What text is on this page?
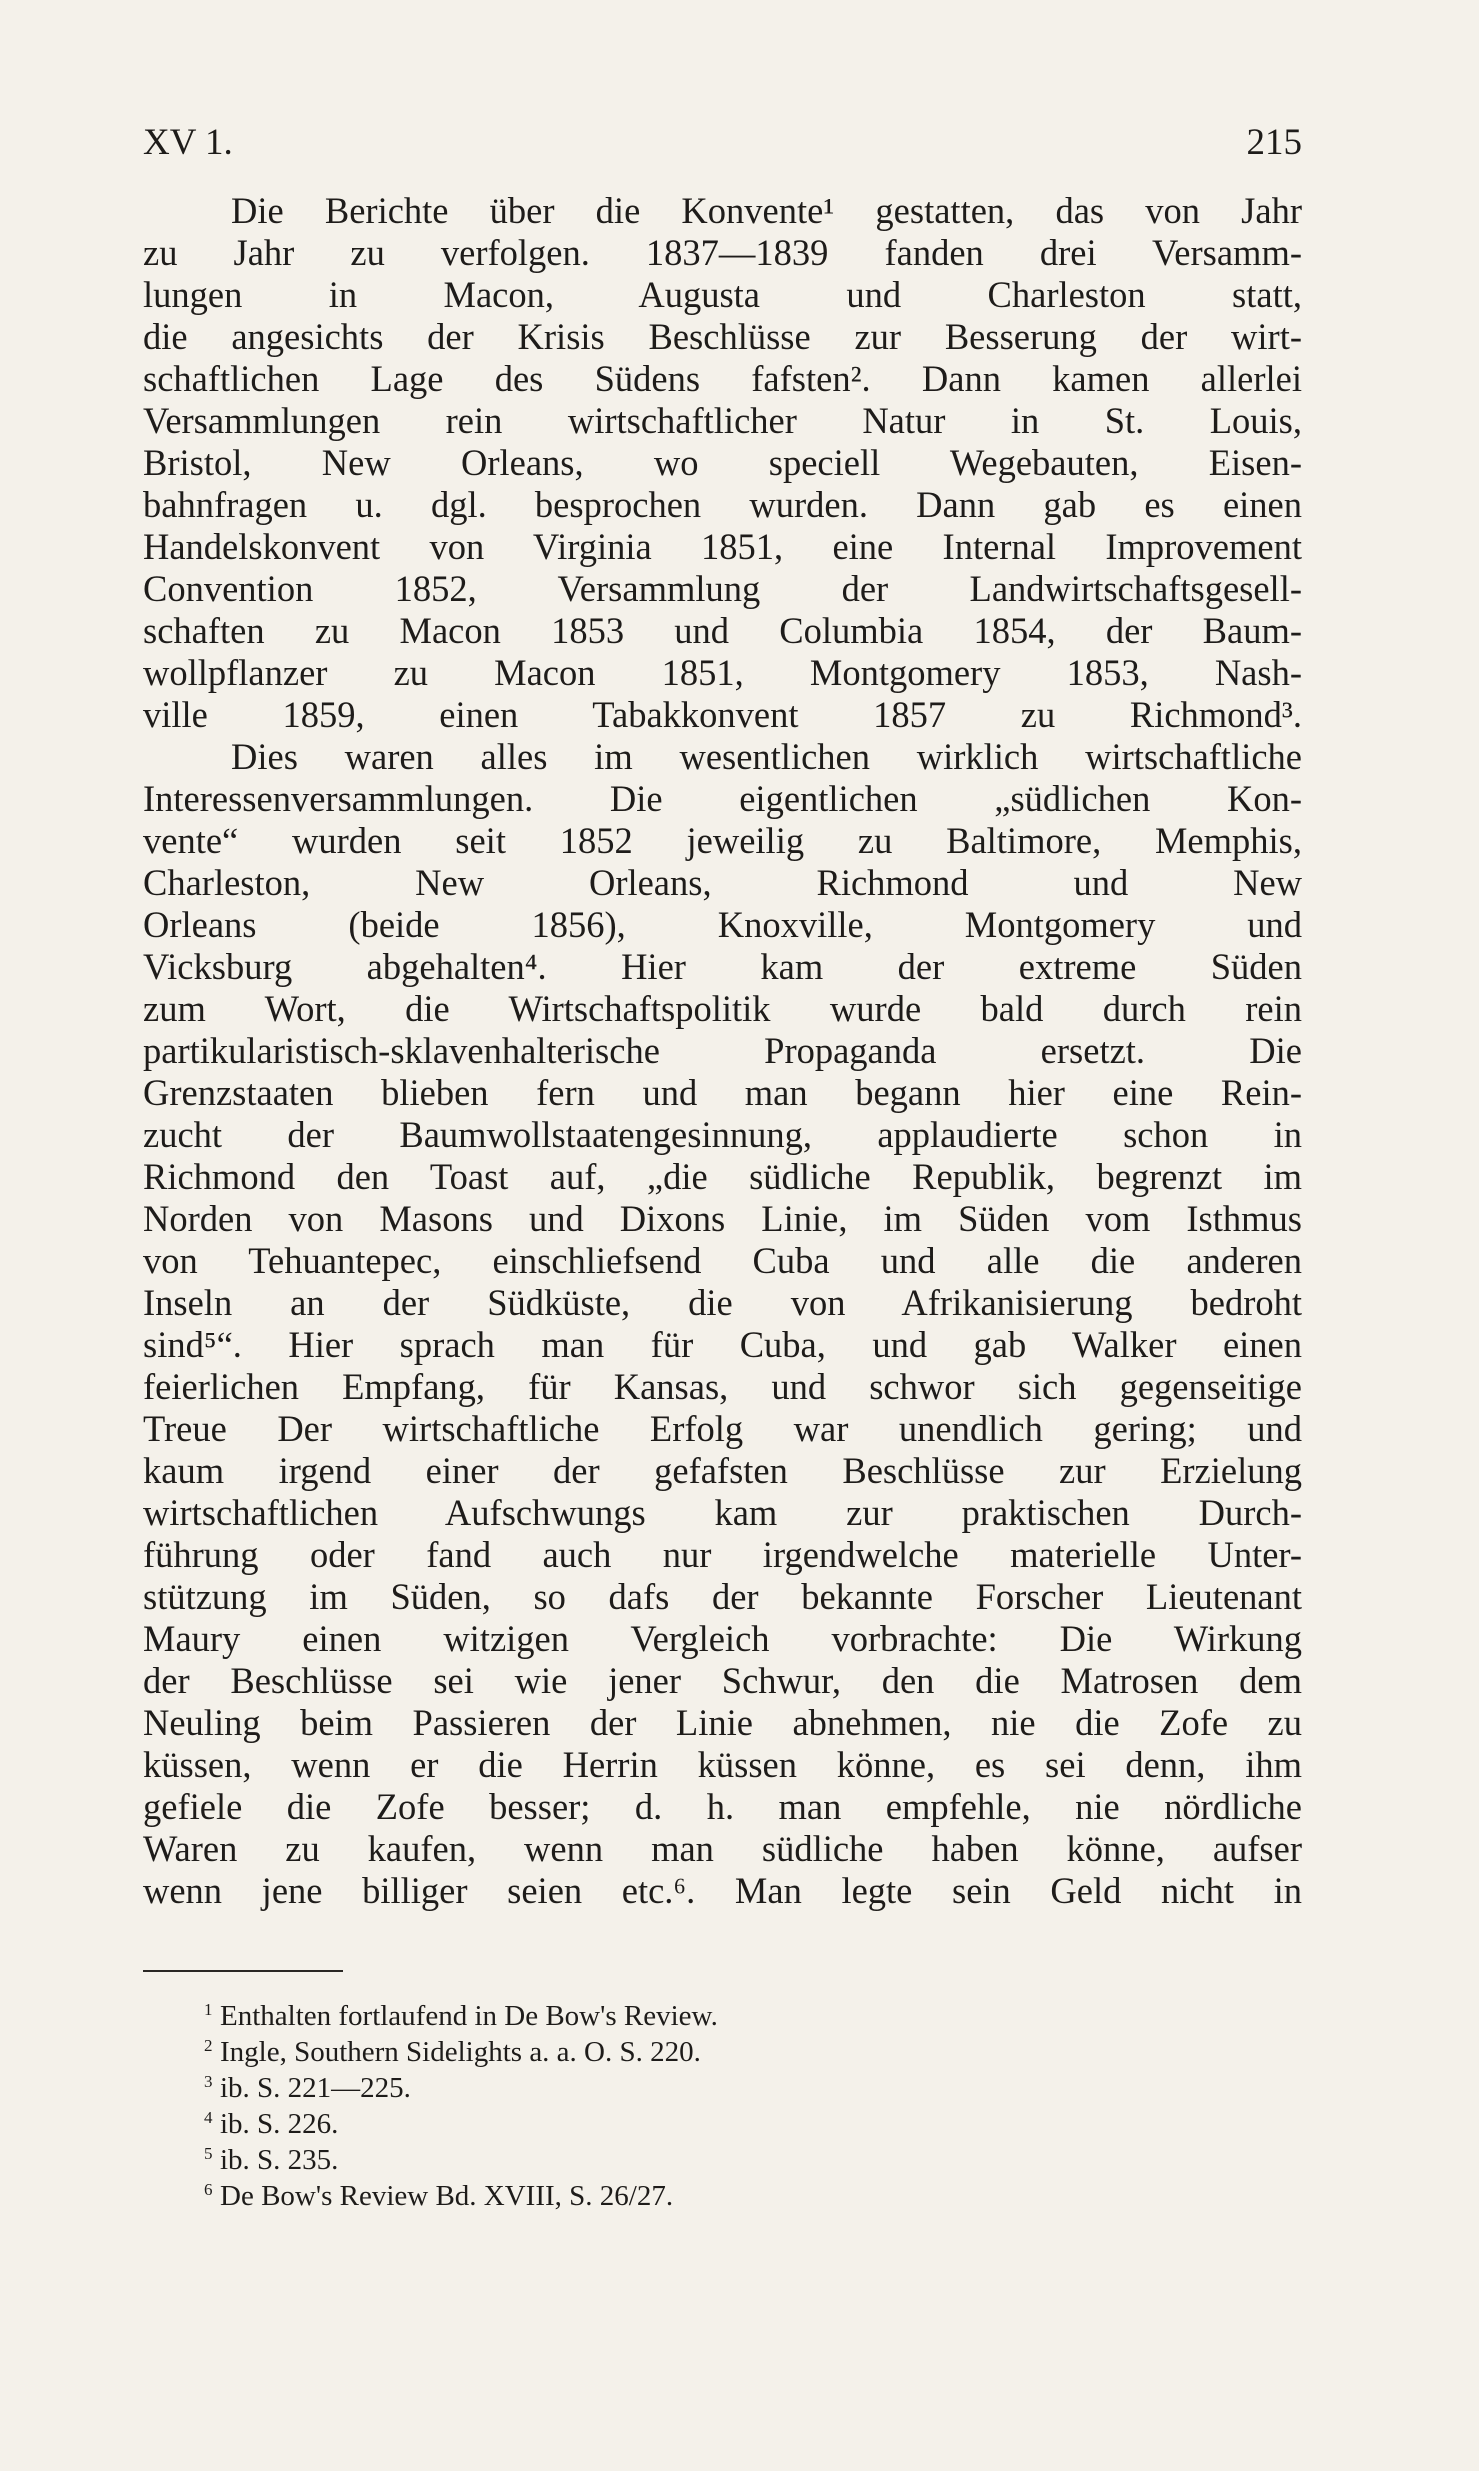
XV 1.	215
Die Berichte über die Konvente¹ gestatten, das von Jahr
zu Jahr zu verfolgen. 1837—1839 fanden drei Versamm-
lungen in Macon, Augusta und Charleston statt,
die angesichts der Krisis Beschlüsse zur Besserung der wirt-
schaftlichen Lage des Südens fafsten². Dann kamen allerlei
Versammlungen rein wirtschaftlicher Natur in St. Louis,
Bristol, New Orleans, wo speciell Wegebauten, Eisen-
bahnfragen u. dgl. besprochen wurden. Dann gab es einen
Handelskonvent von Virginia 1851, eine Internal Improvement
Convention 1852, Versammlung der Landwirtschaftsgesell-
schaften zu Macon 1853 und Columbia 1854, der Baum-
wollpflanzer zu Macon 1851, Montgomery 1853, Nash-
ville 1859, einen Tabakkonvent 1857 zu Richmond³.
Dies waren alles im wesentlichen wirklich wirtschaftliche
Interessenversammlungen. Die eigentlichen „südlichen Kon-
vente“ wurden seit 1852 jeweilig zu Baltimore, Memphis,
Charleston, New Orleans, Richmond und New
Orleans (beide 1856), Knoxville, Montgomery und
Vicksburg abgehalten⁴. Hier kam der extreme Süden
zum Wort, die Wirtschaftspolitik wurde bald durch rein
partikularistisch-sklavenhalterische Propaganda ersetzt. Die
Grenzstaaten blieben fern und man begann hier eine Rein-
zucht der Baumwollstaatengesinnung, applaudierte schon in
Richmond den Toast auf, „die südliche Republik, begrenzt im
Norden von Masons und Dixons Linie, im Süden vom Isthmus
von Tehuantepec, einschliefsend Cuba und alle die anderen
Inseln an der Südküste, die von Afrikanisierung bedroht
sind⁵“. Hier sprach man für Cuba, und gab Walker einen
feierlichen Empfang, für Kansas, und schwor sich gegenseitige
Treue Der wirtschaftliche Erfolg war unendlich gering; und
kaum irgend einer der gefafsten Beschlüsse zur Erzielung
wirtschaftlichen Aufschwungs kam zur praktischen Durch-
führung oder fand auch nur irgendwelche materielle Unter-
stützung im Süden, so dafs der bekannte Forscher Lieutenant
Maury einen witzigen Vergleich vorbrachte: Die Wirkung
der Beschlüsse sei wie jener Schwur, den die Matrosen dem
Neuling beim Passieren der Linie abnehmen, nie die Zofe zu
küssen, wenn er die Herrin küssen könne, es sei denn, ihm
gefiele die Zofe besser; d. h. man empfehle, nie nördliche
Waren zu kaufen, wenn man südliche haben könne, aufser
wenn jene billiger seien etc.⁶. Man legte sein Geld nicht in
1 Enthalten fortlaufend in De Bow's Review.
2 Ingle, Southern Sidelights a. a. O. S. 220.
3 ib. S. 221—225.
4 ib. S. 226.
5 ib. S. 235.
6 De Bow's Review Bd. XVIII, S. 26/27.
